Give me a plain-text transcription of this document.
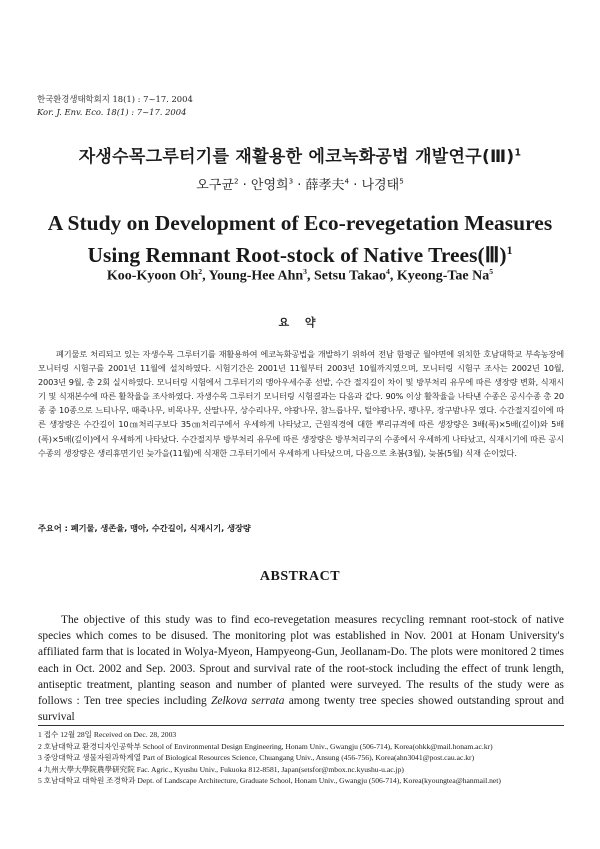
한국환경생태학회지 18(1) : 7~17. 2004
Kor. J. Env. Eco. 18(1) : 7~17. 2004
자생수목그루터기를 재활용한 에코녹화공법 개발연구(Ⅲ)$^1$
오구균$^2$ · 안영희$^3$ · 薛孝夫$^4$ · 나경태$^5$
A Study on Development of Eco-revegetation Measures
Using Remnant Root-stock of Native Trees(Ⅲ)$^1$
Koo-Kyoon Oh$^2$, Young-Hee Ahn$^3$, Setsu Takao$^4$, Kyeong-Tae Na$^5$
요 약
폐기물로 처리되고 있는 자생수목 그루터기를 재활용하여 에코녹화공법을 개발하기 위하여 전남 함평군 월야면에 위치한 호남대학교 부속농장에 모니터링 시험구를 2001년 11월에 설치하였다. 시험기간은 2001년 11월부터 2003년 10월까지였으며, 모니터링 시험구 조사는 2002년 10월, 2003년 9월, 총 2회 실시하였다. 모니터링 시험에서 그루터기의 맹아우세수종 선발, 수간 절지길이 차이 및 방부처리 유무에 따른 생장량 변화, 식재시기 및 식재본수에 따른 활착율을 조사하였다. 자생수목 그루터기 모니터링 시험결과는 다음과 같다. 90% 이상 활착율을 나타낸 수종은 공시수종 총 20종 중 10종으로 느티나무, 때죽나무, 비목나무, 산딸나무, 상수리나무, 야광나무, 참느릅나무, 털야광나무, 팽나무, 장구밤나무 였다. 수간절지길이에 따른 생장량은 수간길이 10㎝처리구보다 35㎝처리구에서 우세하게 나타났고, 근원직경에 대한 뿌리규격에 따른 생장량은 3배(폭)×5배(깊이)와 5배(폭)×5배(깊이)에서 우세하게 나타났다. 수간절지부 방부처리 유무에 따른 생장량은 방부처리구의 수종에서 우세하게 나타났고, 식재시기에 따른 공시수종의 생장량은 생리휴면기인 늦가을(11월)에 식재한 그루터기에서 우세하게 나타났으며, 다음으로 초봄(3월), 늦봄(5월) 식재 순이었다.
주요어 : 폐기물, 생존율, 맹아, 수간길이, 식재시기, 생장량
ABSTRACT
The objective of this study was to find eco-revegetation measures recycling remnant root-stock of native species which comes to be disused. The monitoring plot was established in Nov. 2001 at Honam University's affiliated farm that is located in Wolya-Myeon, Hampyeong-Gun, Jeollanam-Do. The plots were monitored 2 times each in Oct. 2002 and Sep. 2003. Sprout and survival rate of the root-stock including the effect of trunk length, antiseptic treatment, planting season and number of planted were surveyed. The results of the study were as follows : Ten tree species including Zelkova serrata among twenty tree species showed outstanding sprout and survival
1 접수 12월 28일 Received on Dec. 28, 2003
2 호남대학교 환경디자인공학부 School of Environmental Design Engineering, Honam Univ., Gwangju (506-714), Korea(ohkk@mail.honam.ac.kr)
3 중앙대학교 생물자원과학계열 Part of Biological Resources Science, Chuangang Univ., Ansung (456-756), Korea(ahn3041@post.cau.ac.kr)
4 九州大學大學院農學研究院 Fac. Agric., Kyushu Univ., Fukuoka 812-8581, Japan(setsfor@mbox.nc.kyushu-u.ac.jp)
5 호남대학교 대학원 조경학과 Dept. of Landscape Architecture, Graduate School, Honam Univ., Gwangju (506-714), Korea(kyoungtea@hanmail.net)
